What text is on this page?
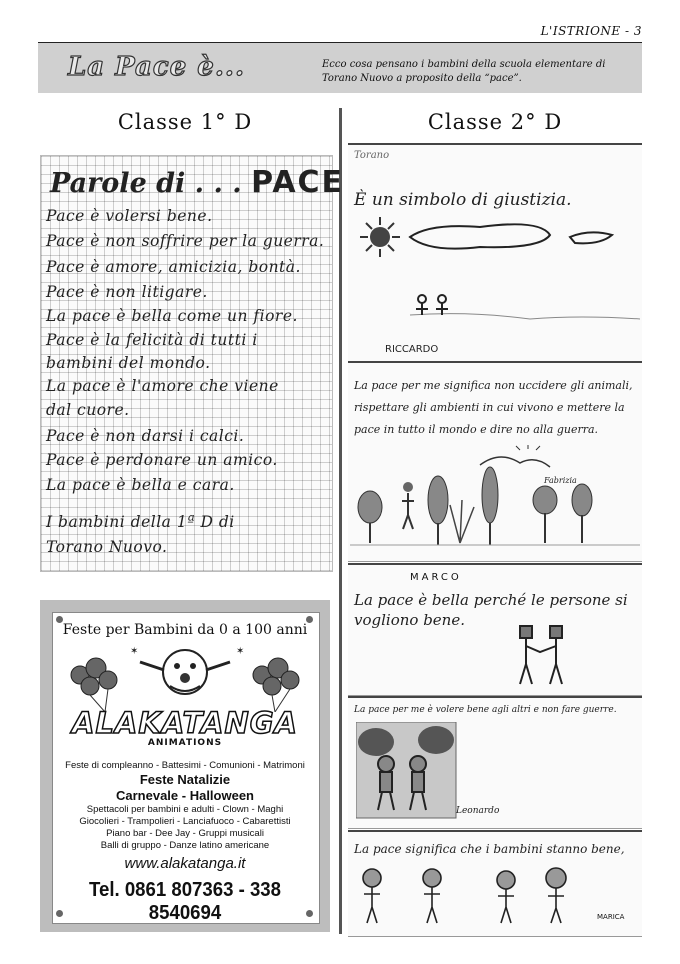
L'ISTRIONE - 3
La Pace è...	Ecco cosa pensano i bambini della scuola elementare di Torano Nuovo a proposito della “pace”.
Classe 1° D	Classe 2° D
Parole di . . . PACE
Pace è volersi bene.
Pace è non soffrire per la guerra.
Pace è amore, amicizia, bontà.
Pace è non litigare.
La pace è bella come un fiore.
Pace è la felicità di tutti i
bambini del mondo.
La pace è l'amore che viene
dal cuore.
Pace è non darsi i calci.
Pace è perdonare un amico.
La pace è bella e cara.
I bambini della 1ª D di
Torano Nuovo.
Feste per Bambini da 0 a 100 anni
✶	✶
ALAKATANGA
ANIMATIONS
Feste di compleanno - Battesimi - Comunioni - Matrimoni
Feste Natalizie
Carnevale - Halloween
Spettacoli per bambini e adulti - Clown - Maghi
Giocolieri - Trampolieri - Lanciafuoco - Cabarettisti
Piano bar - Dee Jay - Gruppi musicali
Balli di gruppo - Danze latino americane
www.alakatanga.it
Tel. 0861 807363 - 338 8540694
Torano
È un simbolo di giustizia.
RICCARDO
La pace per me significa non uccidere gli animali, rispettare gli ambienti in cui vivono e mettere la pace in tutto il mondo e dire no alla guerra.
Fabrizia
MARCO
La pace è bella perché le persone si vogliono bene.
La pace per me è volere bene agli altri e non fare guerre.
Leonardo
La pace significa che i bambini stanno bene,
MARICA
